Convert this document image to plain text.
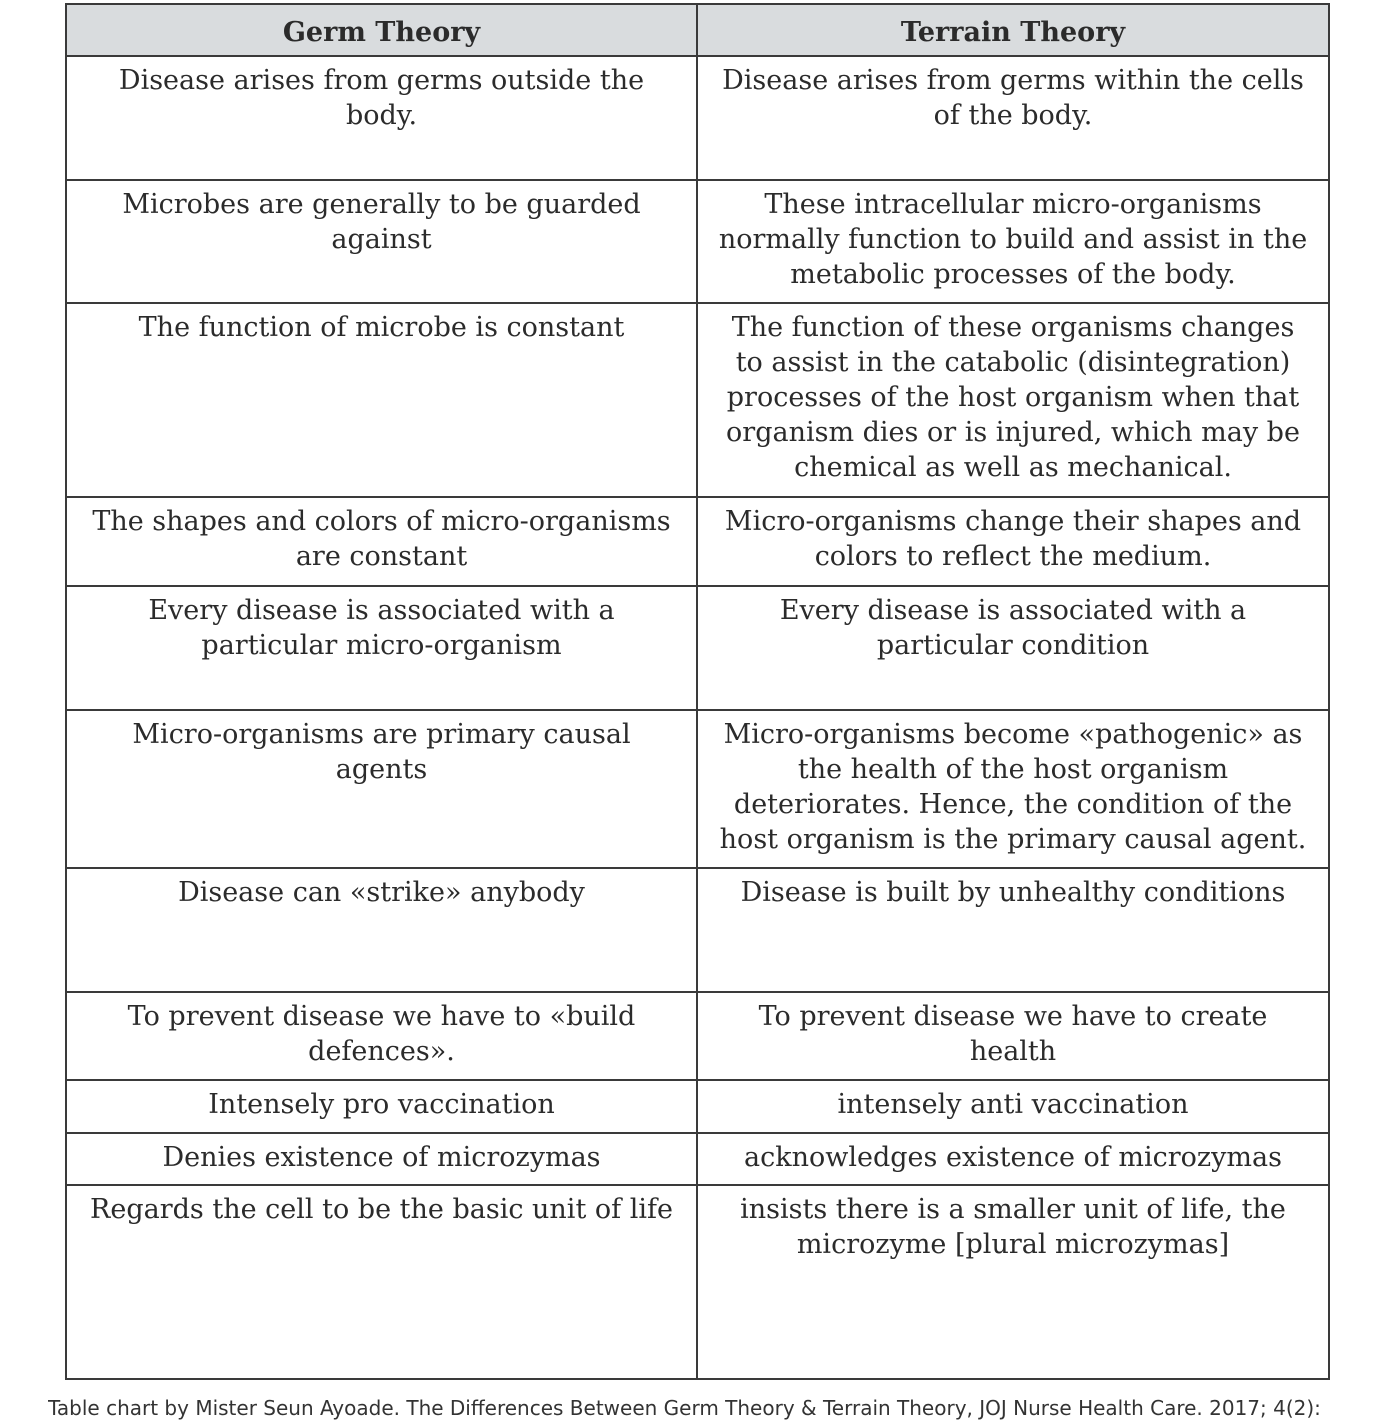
Germ Theory	Terrain Theory
Disease arises from germs outside the body.	Disease arises from germs within the cells of the body.
Microbes are generally to be guarded against	These intracellular micro-organisms normally function to build and assist in the metabolic processes of the body.
The function of microbe is constant	The function of these organisms changes to assist in the catabolic (disintegration) processes of the host organism when that organism dies or is injured, which may be chemical as well as mechanical.
The shapes and colors of micro-organisms are constant	Micro-organisms change their shapes and colors to reflect the medium.
Every disease is associated with a particular micro-organism	Every disease is associated with a particular condition
Micro-organisms are primary causal agents	Micro-organisms become «pathogenic» as the health of the host organism deteriorates. Hence, the condition of the host organism is the primary causal agent.
Disease can «strike» anybody	Disease is built by unhealthy conditions
To prevent disease we have to «build defences».	To prevent disease we have to create health
Intensely pro vaccination	intensely anti vaccination
Denies existence of microzymas	acknowledges existence of microzymas
Regards the cell to be the basic unit of life	insists there is a smaller unit of life, the microzyme [plural microzymas]
Table chart by Mister Seun Ayoade. The Differences Between Germ Theory & Terrain Theory, JOJ Nurse Health Care. 2017; 4(2):
